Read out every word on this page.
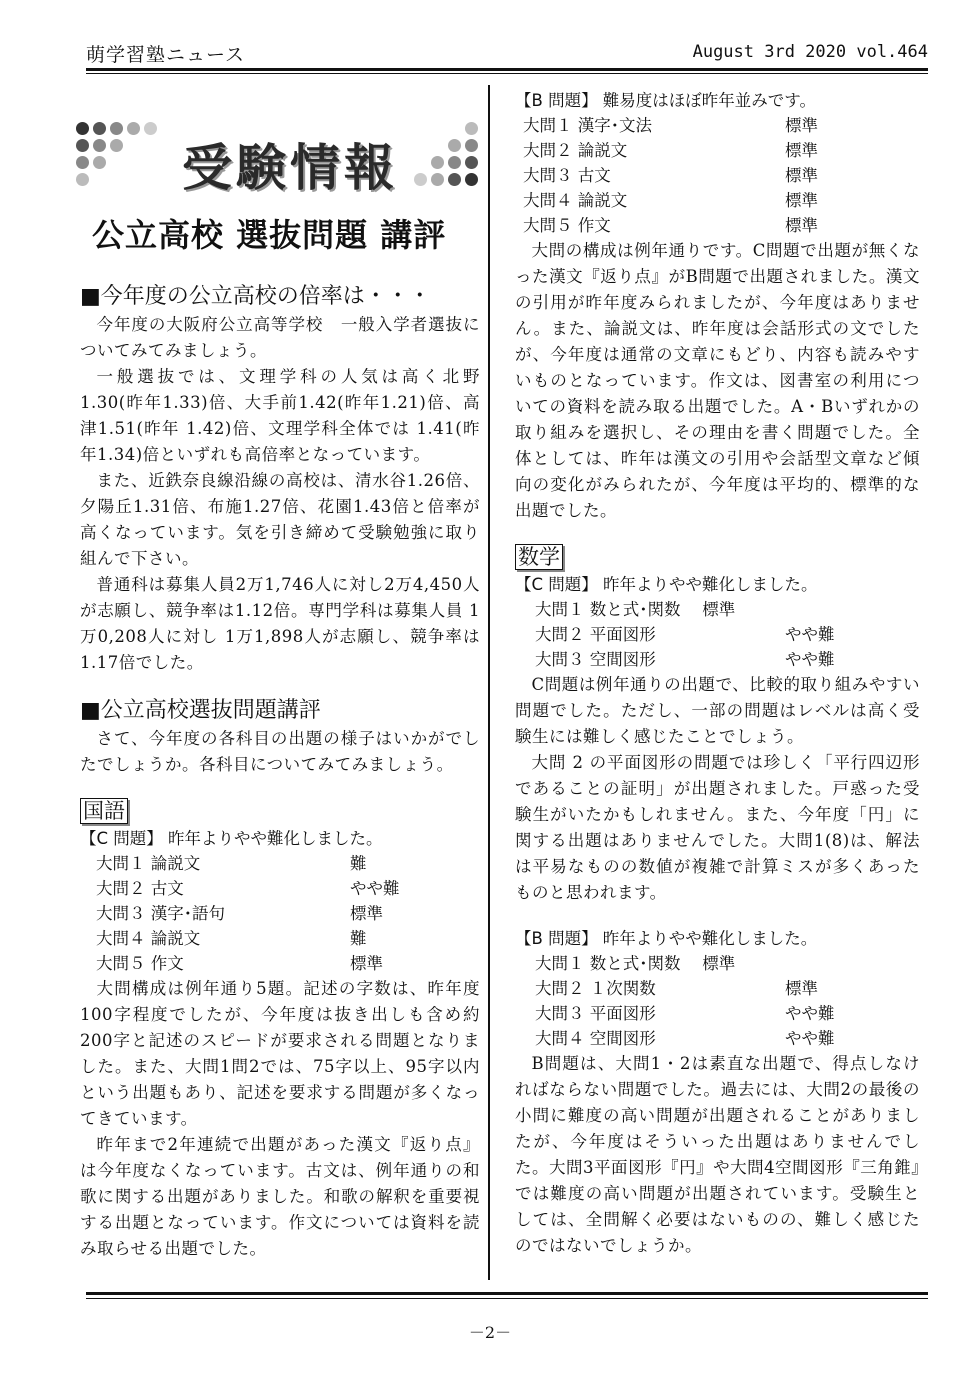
萌学習塾ニュース	August 3rd 2020 vol.464
受験情報
公立高校 選抜問題 講評
■今年度の公立高校の倍率は・・・

今年度の大阪府公立高等学校　一般入学者選抜についてみてみましょう。

一般選抜では、文理学科の人気は高く北野1.30(昨年1.33)倍、大手前1.42(昨年1.21)倍、高津1.51(昨年 1.42)倍、文理学科全体では 1.41(昨年1.34)倍といずれも高倍率となっています。

また、近鉄奈良線沿線の高校は、清水谷1.26倍、夕陽丘1.31倍、布施1.27倍、花園1.43倍と倍率が高くなっています。気を引き締めて受験勉強に取り組んで下さい。

普通科は募集人員2万1,746人に対し2万4,450人が志願し、競争率は1.12倍。専門学科は募集人員 1万0,208人に対し 1万1,898人が志願し、競争率は1.17倍でした。

■公立高校選抜問題講評

さて、今年度の各科目の出題の様子はいかがでしたでしょうか。各科目についてみてみましょう。

国語

【C 問題】 昨年よりやや難化しました。

大問１ 論説文	難
大問２ 古文	やや難
大問３ 漢字･語句	標準
大問４ 論説文	難
大問５ 作文	標準

大問構成は例年通り5題。記述の字数は、昨年度100字程度でしたが、今年度は抜き出しも含め約200字と記述のスピードが要求される問題となりました。また、大問1問2では、75字以上、95字以内という出題もあり、記述を要求する問題が多くなってきています。

昨年まで2年連続で出題があった漢文『返り点』は今年度なくなっています。古文は、例年通りの和歌に関する出題がありました。和歌の解釈を重要視する出題となっています。作文については資料を読み取らせる出題でした。

【B 問題】 難易度はほぼ昨年並みです。

大問１ 漢字･文法	標準
大問２ 論説文	標準
大問３ 古文	標準
大問４ 論説文	標準
大問５ 作文	標準

大問の構成は例年通りです。C問題で出題が無くなった漢文『返り点』がB問題で出題されました。漢文の引用が昨年度みられましたが、今年度はありません。また、論説文は、昨年度は会話形式の文でしたが、今年度は通常の文章にもどり、内容も読みやすいものとなっています。作文は、図書室の利用についての資料を読み取る出題でした。A・Bいずれかの取り組みを選択し、その理由を書く問題でした。全体としては、昨年は漢文の引用や会話型文章など傾向の変化がみられたが、今年度は平均的、標準的な出題でした。

数学

【C 問題】 昨年よりやや難化しました。

大問１ 数と式･関数　 標準
大問２ 平面図形	やや難
大問３ 空間図形	やや難

C問題は例年通りの出題で、比較的取り組みやすい問題でした。ただし、一部の問題はレベルは高く受験生には難しく感じたことでしょう。

大問 2 の平面図形の問題では珍しく「平行四辺形であることの証明」が出題されました。戸惑った受験生がいたかもしれません。また、今年度「円」に関する出題はありませんでした。大問1(8)は、解法は平易なものの数値が複雑で計算ミスが多くあったものと思われます。

【B 問題】 昨年よりやや難化しました。

大問１ 数と式･関数　 標準
大問２ １次関数	標準
大問３ 平面図形	やや難
大問４ 空間図形	やや難

B問題は、大問1・2は素直な出題で、得点しなければならない問題でした。過去には、大問2の最後の小問に難度の高い問題が出題されることがありましたが、今年度はそういった出題はありませんでした。大問3平面図形『円』や大問4空間図形『三角錐』では難度の高い問題が出題されています。受験生としては、全問解く必要はないものの、難しく感じたのではないでしょうか。

－2－
